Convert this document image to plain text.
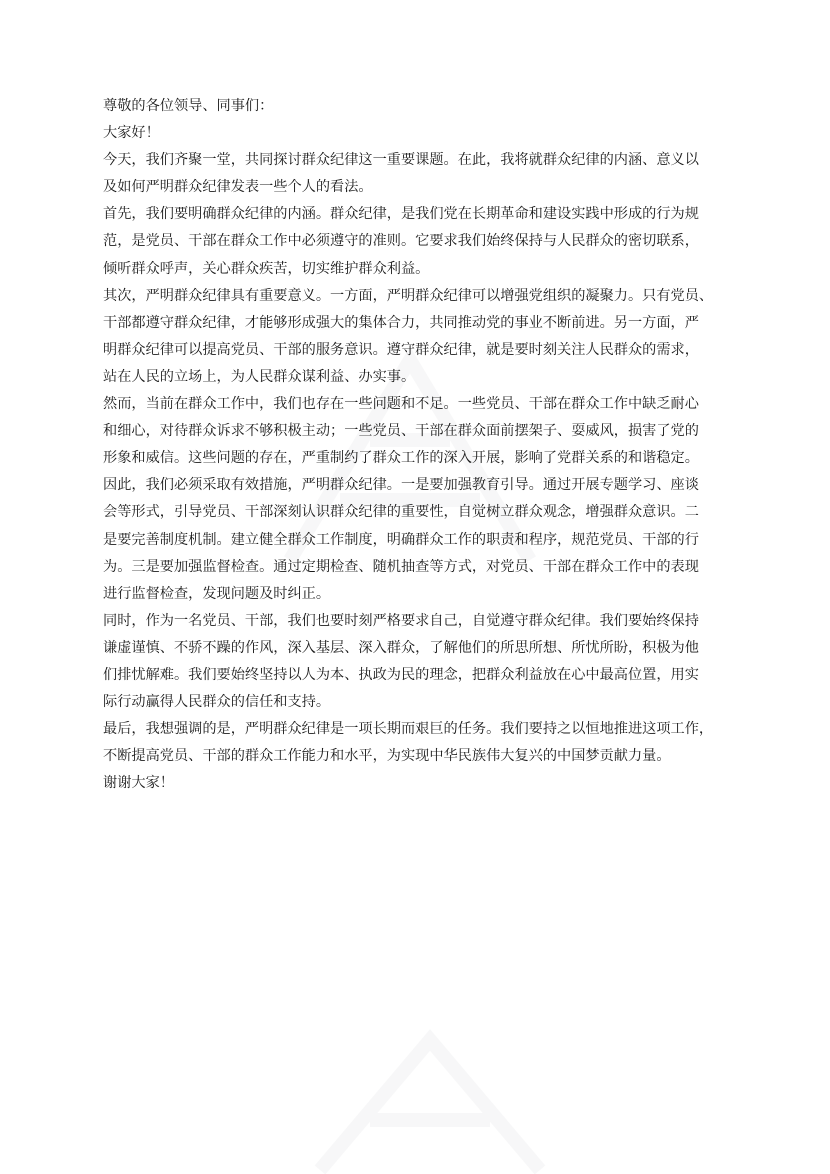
尊敬的各位领导、同事们：
大家好！
今天，我们齐聚一堂，共同探讨群众纪律这一重要课题。在此，我将就群众纪律的内涵、意义以
及如何严明群众纪律发表一些个人的看法。
首先，我们要明确群众纪律的内涵。群众纪律，是我们党在长期革命和建设实践中形成的行为规
范，是党员、干部在群众工作中必须遵守的准则。它要求我们始终保持与人民群众的密切联系，
倾听群众呼声，关心群众疾苦，切实维护群众利益。
其次，严明群众纪律具有重要意义。一方面，严明群众纪律可以增强党组织的凝聚力。只有党员、
干部都遵守群众纪律，才能够形成强大的集体合力，共同推动党的事业不断前进。另一方面，严
明群众纪律可以提高党员、干部的服务意识。遵守群众纪律，就是要时刻关注人民群众的需求，
站在人民的立场上，为人民群众谋利益、办实事。
然而，当前在群众工作中，我们也存在一些问题和不足。一些党员、干部在群众工作中缺乏耐心
和细心，对待群众诉求不够积极主动；一些党员、干部在群众面前摆架子、耍威风，损害了党的
形象和威信。这些问题的存在，严重制约了群众工作的深入开展，影响了党群关系的和谐稳定。
因此，我们必须采取有效措施，严明群众纪律。一是要加强教育引导。通过开展专题学习、座谈
会等形式，引导党员、干部深刻认识群众纪律的重要性，自觉树立群众观念，增强群众意识。二
是要完善制度机制。建立健全群众工作制度，明确群众工作的职责和程序，规范党员、干部的行
为。三是要加强监督检查。通过定期检查、随机抽查等方式，对党员、干部在群众工作中的表现
进行监督检查，发现问题及时纠正。
同时，作为一名党员、干部，我们也要时刻严格要求自己，自觉遵守群众纪律。我们要始终保持
谦虚谨慎、不骄不躁的作风，深入基层、深入群众，了解他们的所思所想、所忧所盼，积极为他
们排忧解难。我们要始终坚持以人为本、执政为民的理念，把群众利益放在心中最高位置，用实
际行动赢得人民群众的信任和支持。
最后，我想强调的是，严明群众纪律是一项长期而艰巨的任务。我们要持之以恒地推进这项工作，
不断提高党员、干部的群众工作能力和水平，为实现中华民族伟大复兴的中国梦贡献力量。
谢谢大家！
